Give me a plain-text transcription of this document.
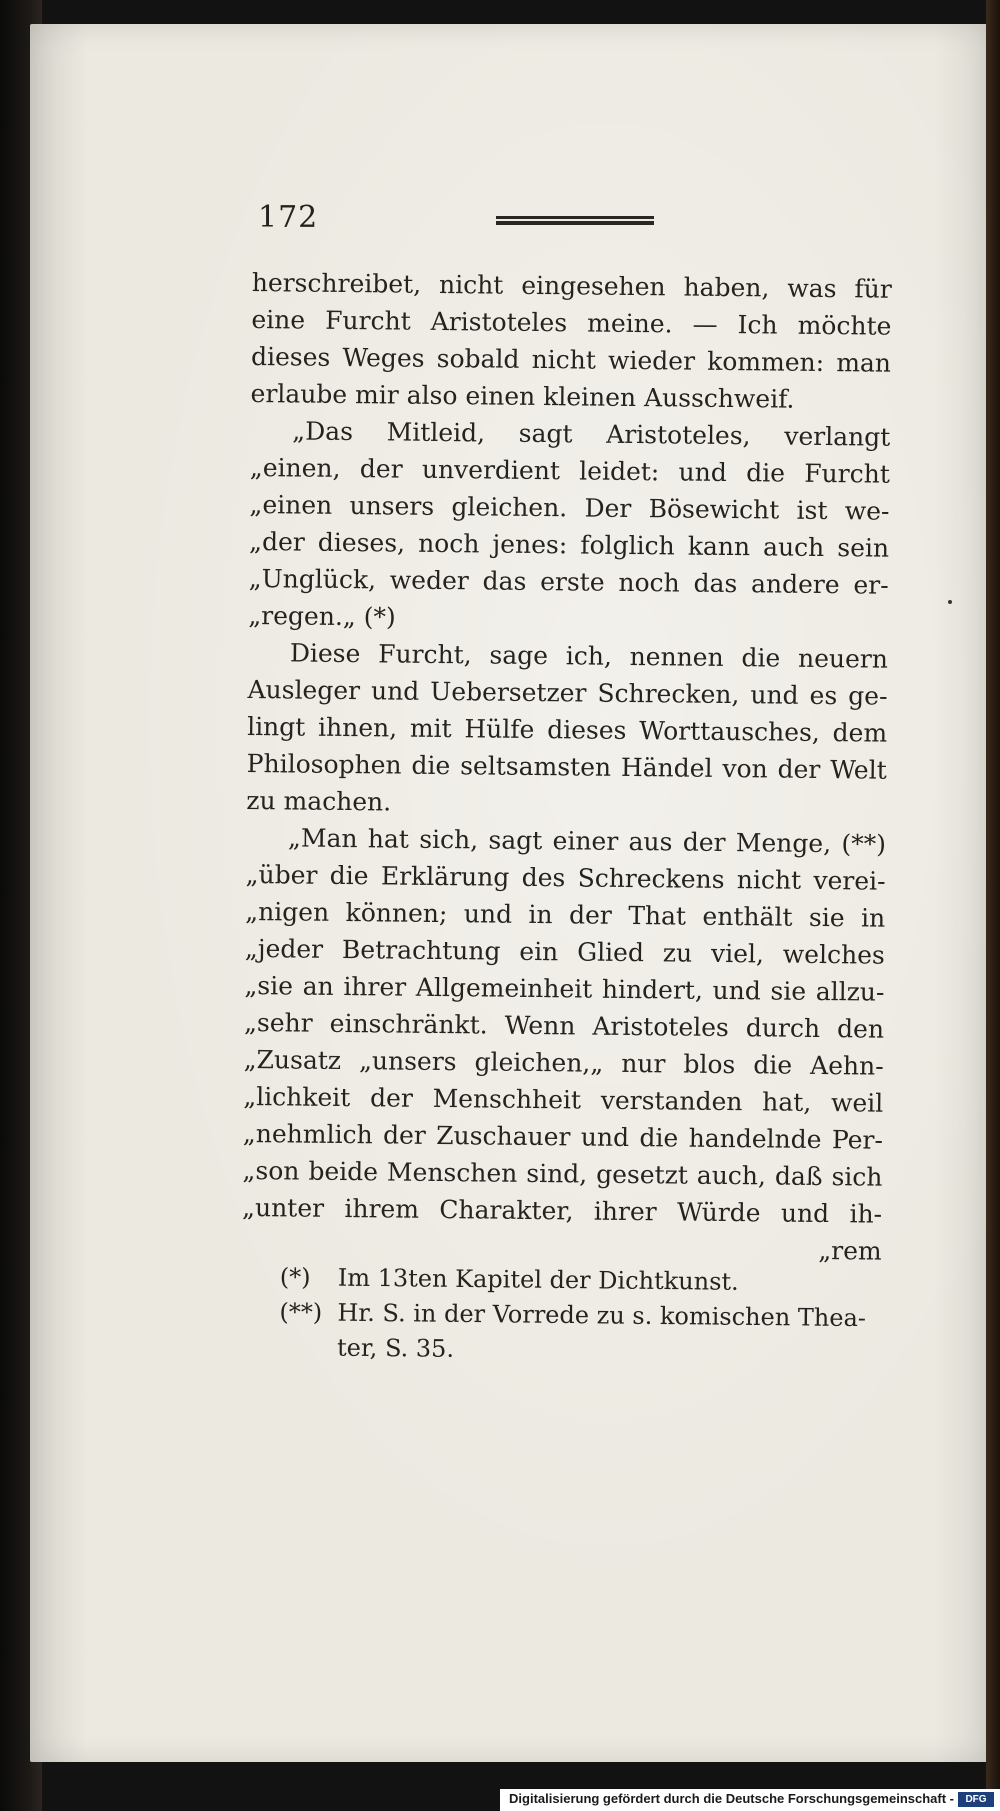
172
herschreibet, nicht eingesehen haben, was für
eine Furcht Aristoteles meine. — Ich möchte
dieses Weges sobald nicht wieder kommen: man
erlaube mir also einen kleinen Ausschweif.
„Das Mitleid, sagt Aristoteles, verlangt
„einen, der unverdient leidet: und die Furcht
„einen unsers gleichen. Der Bösewicht ist we-
„der dieses, noch jenes: folglich kann auch sein
„Unglück, weder das erste noch das andere er-
„regen.„ (*)
Diese Furcht, sage ich, nennen die neuern
Ausleger und Uebersetzer Schrecken, und es ge-
lingt ihnen, mit Hülfe dieses Worttausches, dem
Philosophen die seltsamsten Händel von der Welt
zu machen.
„Man hat sich, sagt einer aus der Menge, (**)
„über die Erklärung des Schreckens nicht verei-
„nigen können; und in der That enthält sie in
„jeder Betrachtung ein Glied zu viel, welches
„sie an ihrer Allgemeinheit hindert, und sie allzu-
„sehr einschränkt. Wenn Aristoteles durch den
„Zusatz „unsers gleichen,„ nur blos die Aehn-
„lichkeit der Menschheit verstanden hat, weil
„nehmlich der Zuschauer und die handelnde Per-
„son beide Menschen sind, gesetzt auch, daß sich
„unter ihrem Charakter, ihrer Würde und ih-
„rem
(*) Im 13ten Kapitel der Dichtkunst.
(**) Hr. S. in der Vorrede zu s. komischen Thea-
ter, S. 35.
Digitalisierung gefördert durch die Deutsche Forschungsgemeinschaft -	DFG
